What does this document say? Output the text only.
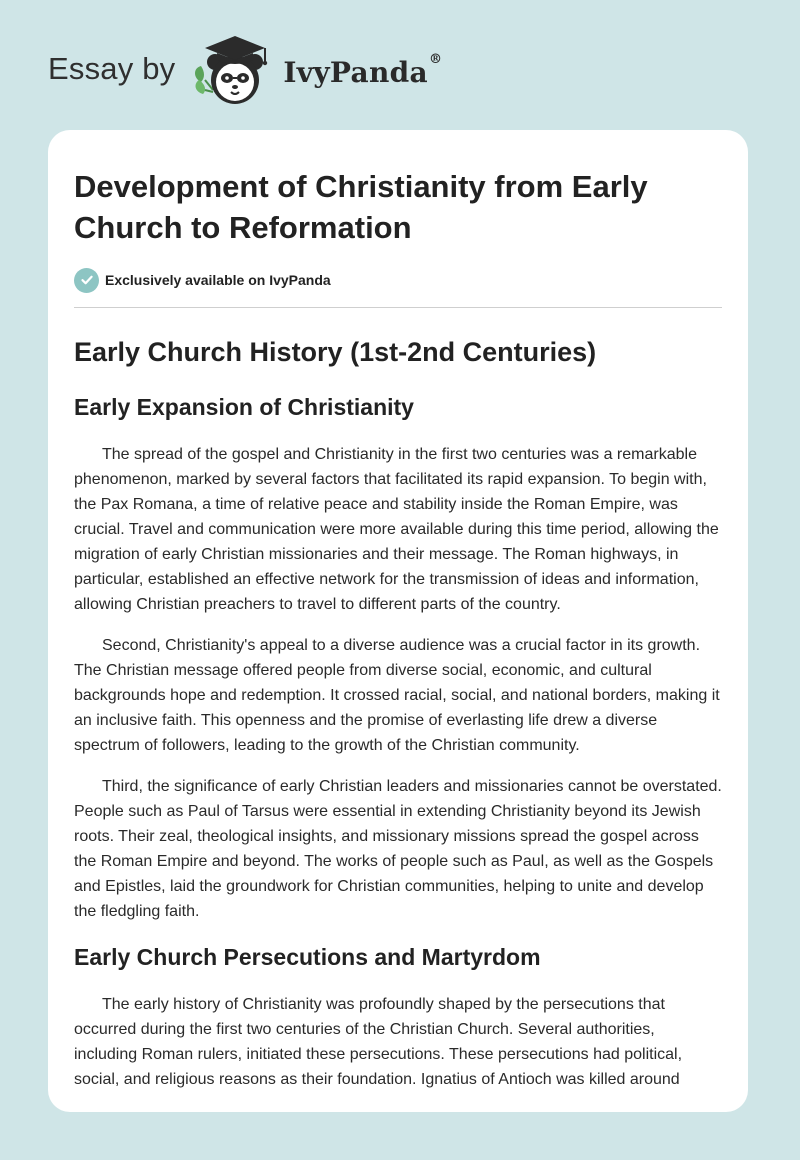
Essay by	IvyPanda®
Development of Christianity from Early Church to Reformation
Exclusively available on IvyPanda
Early Church History (1st-2nd Centuries)
Early Expansion of Christianity

The spread of the gospel and Christianity in the first two centuries was a remarkable phenomenon, marked by several factors that facilitated its rapid expansion. To begin with, the Pax Romana, a time of relative peace and stability inside the Roman Empire, was crucial. Travel and communication were more available during this time period, allowing the migration of early Christian missionaries and their message. The Roman highways, in particular, established an effective network for the transmission of ideas and information, allowing Christian preachers to travel to different parts of the country.

Second, Christianity's appeal to a diverse audience was a crucial factor in its growth. The Christian message offered people from diverse social, economic, and cultural backgrounds hope and redemption. It crossed racial, social, and national borders, making it an inclusive faith. This openness and the promise of everlasting life drew a diverse spectrum of followers, leading to the growth of the Christian community.

Third, the significance of early Christian leaders and missionaries cannot be overstated. People such as Paul of Tarsus were essential in extending Christianity beyond its Jewish roots. Their zeal, theological insights, and missionary missions spread the gospel across the Roman Empire and beyond. The works of people such as Paul, as well as the Gospels and Epistles, laid the groundwork for Christian communities, helping to unite and develop the fledgling faith.

Early Church Persecutions and Martyrdom

The early history of Christianity was profoundly shaped by the persecutions that occurred during the first two centuries of the Christian Church. Several authorities, including Roman rulers, initiated these persecutions. These persecutions had political, social, and religious reasons as their foundation. Ignatius of Antioch was killed around
